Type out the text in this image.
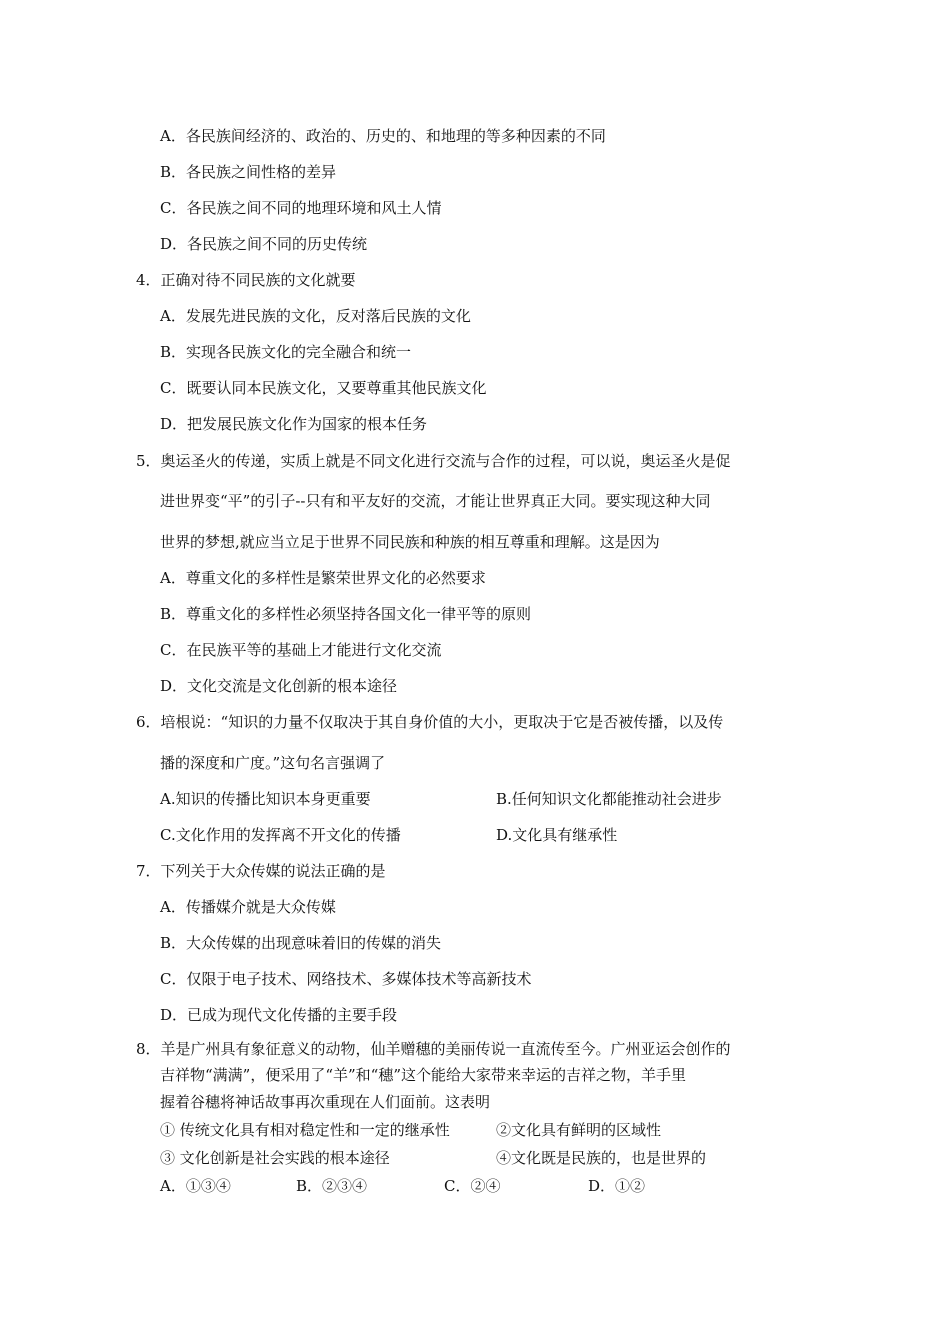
A．各民族间经济的、政治的、历史的、和地理的等多种因素的不同
B．各民族之间性格的差异
C．各民族之间不同的地理环境和风土人情
D．各民族之间不同的历史传统
4．正确对待不同民族的文化就要
A．发展先进民族的文化，反对落后民族的文化
B．实现各民族文化的完全融合和统一
C．既要认同本民族文化，又要尊重其他民族文化
D．把发展民族文化作为国家的根本任务
5．奥运圣火的传递，实质上就是不同文化进行交流与合作的过程，可以说，奥运圣火是促
进世界变“平”的引子--只有和平友好的交流，才能让世界真正大同。要实现这种大同
世界的梦想,就应当立足于世界不同民族和种族的相互尊重和理解。这是因为
A．尊重文化的多样性是繁荣世界文化的必然要求
B．尊重文化的多样性必须坚持各国文化一律平等的原则
C．在民族平等的基础上才能进行文化交流
D．文化交流是文化创新的根本途径
6．培根说：“知识的力量不仅取决于其自身价值的大小，更取决于它是否被传播，以及传
播的深度和广度。”这句名言强调了
A.知识的传播比知识本身更重要	B.任何知识文化都能推动社会进步
C.文化作用的发挥离不开文化的传播	D.文化具有继承性
7．下列关于大众传媒的说法正确的是
A．传播媒介就是大众传媒
B．大众传媒的出现意味着旧的传媒的消失
C．仅限于电子技术、网络技术、多媒体技术等高新技术
D．已成为现代文化传播的主要手段
8．羊是广州具有象征意义的动物，仙羊赠穗的美丽传说一直流传至今。广州亚运会创作的
吉祥物“满满”，便采用了“羊”和“穗”这个能给大家带来幸运的吉祥之物，羊手里
握着谷穗将神话故事再次重现在人们面前。这表明
① 传统文化具有相对稳定性和一定的继承性	②文化具有鲜明的区域性
③ 文化创新是社会实践的根本途径	④文化既是民族的，也是世界的
A．①③④	B．②③④	C．②④	D．①②
